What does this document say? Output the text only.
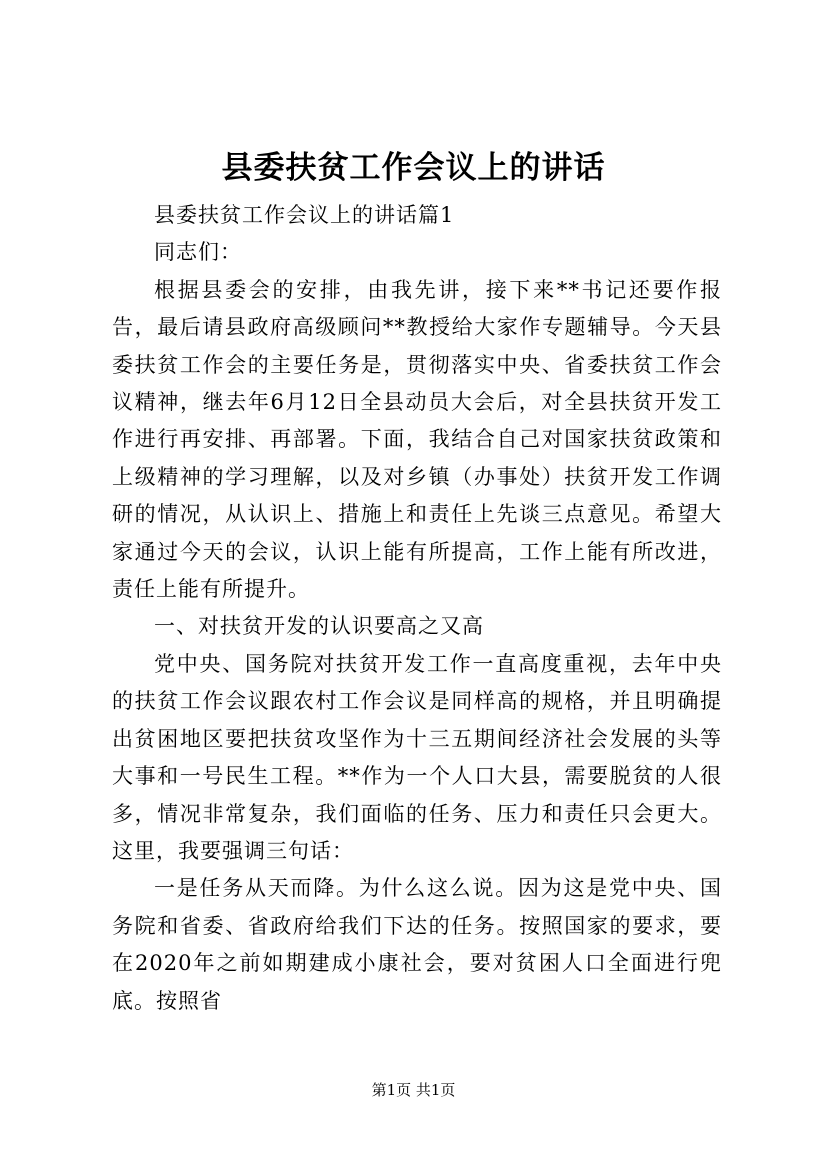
县委扶贫工作会议上的讲话

县委扶贫工作会议上的讲话篇1

同志们：

根据县委会的安排，由我先讲，接下来**书记还要作报告，最后请县政府高级顾问**教授给大家作专题辅导。今天县委扶贫工作会的主要任务是，贯彻落实中央、省委扶贫工作会议精神，继去年6月12日全县动员大会后，对全县扶贫开发工作进行再安排、再部署。下面，我结合自己对国家扶贫政策和上级精神的学习理解，以及对乡镇（办事处）扶贫开发工作调研的情况，从认识上、措施上和责任上先谈三点意见。希望大家通过今天的会议，认识上能有所提高，工作上能有所改进，责任上能有所提升。

一、对扶贫开发的认识要高之又高

党中央、国务院对扶贫开发工作一直高度重视，去年中央的扶贫工作会议跟农村工作会议是同样高的规格，并且明确提出贫困地区要把扶贫攻坚作为十三五期间经济社会发展的头等大事和一号民生工程。**作为一个人口大县，需要脱贫的人很多，情况非常复杂，我们面临的任务、压力和责任只会更大。这里，我要强调三句话：

一是任务从天而降。为什么这么说。因为这是党中央、国务院和省委、省政府给我们下达的任务。按照国家的要求，要在2020年之前如期建成小康社会，要对贫困人口全面进行兜底。按照省

第1页 共1页
